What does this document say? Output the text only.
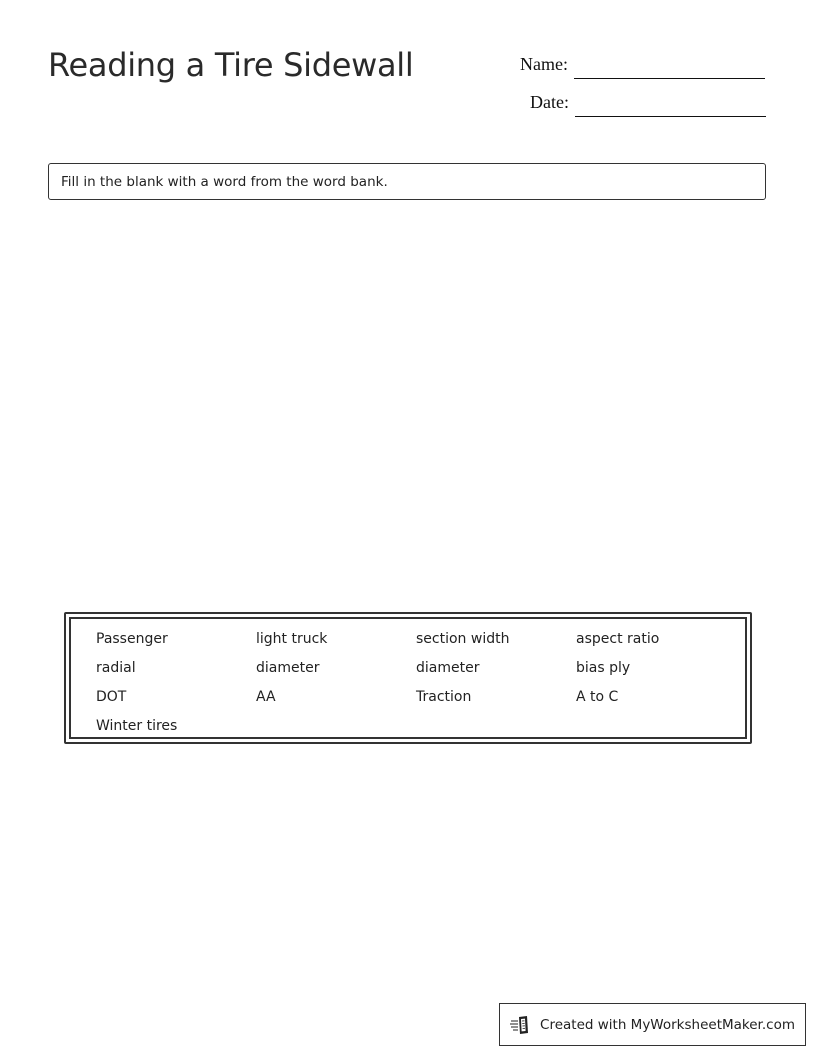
Reading a Tire Sidewall	Name:
Date:
Fill in the blank with a word from the word bank.
Passenger	light truck	section width	aspect ratio
radial	diameter	diameter	bias ply
DOT	AA	Traction	A to C
Winter tires
Created with MyWorksheetMaker.com
